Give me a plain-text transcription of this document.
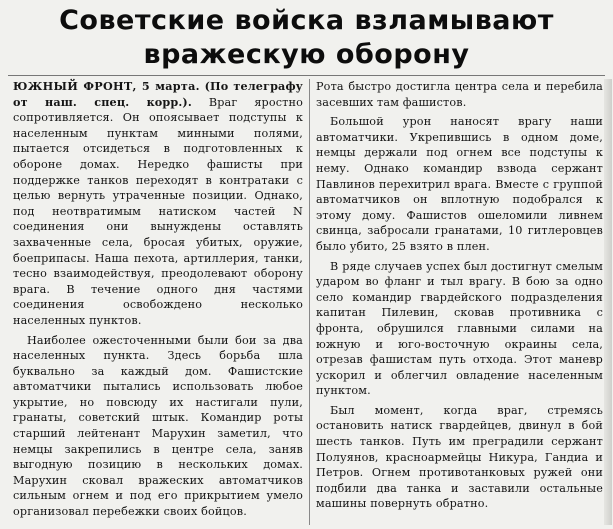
Советские войска взламывают
вражескую оборону

ЮЖНЫЙ ФРОНТ, 5 марта. (По телеграфу от наш. спец. корр.). Враг яростно сопротивляется. Он опоясывает подступы к населенным пунктам минными полями, пытается отсидеться в подготовленных к обороне домах. Нередко фашисты при поддержке танков переходят в контратаки с целью вернуть утраченные позиции. Однако, под неотвратимым натиском частей N соединения они вынуждены оставлять захваченные села, бросая убитых, оружие, боеприпасы. Наша пехота, артиллерия, танки, тесно взаимодействуя, преодолевают оборону врага. В течение одного дня частями соединения освобождено несколько населенных пунктов.

Наиболее ожесточенными были бои за два населенных пункта. Здесь борьба шла буквально за каждый дом. Фашистские автоматчики пытались использовать любое укрытие, но повсюду их настигали пули, гранаты, советский штык. Командир роты старший лейтенант Марухин заметил, что немцы закрепились в центре села, заняв выгодную позицию в нескольких домах. Марухин сковал вражеских автоматчиков сильным огнем и под его прикрытием умело организовал перебежки своих бойцов.

Рота быстро достигла центра села и перебила засевших там фашистов.

Большой урон наносят врагу наши автоматчики. Укрепившись в одном доме, немцы держали под огнем все подступы к нему. Однако командир взвода сержант Павлинов перехитрил врага. Вместе с группой автоматчиков он вплотную подобрался к этому дому. Фашистов ошеломили ливнем свинца, забросали гранатами, 10 гитлеровцев было убито, 25 взято в плен.

В ряде случаев успех был достигнут смелым ударом во фланг и тыл врагу. В бою за одно село командир гвардейского подразделения капитан Пилевин, сковав противника с фронта, обрушился главными силами на южную и юго-восточную окраины села, отрезав фашистам путь отхода. Этот маневр ускорил и облегчил овладение населенным пунктом.

Был момент, когда враг, стремясь остановить натиск гвардейцев, двинул в бой шесть танков. Путь им преградили сержант Полуянов, красноармейцы Никура, Гандиа и Петров. Огнем противотанковых ружей они подбили два танка и заставили остальные машины повернуть обратно.
